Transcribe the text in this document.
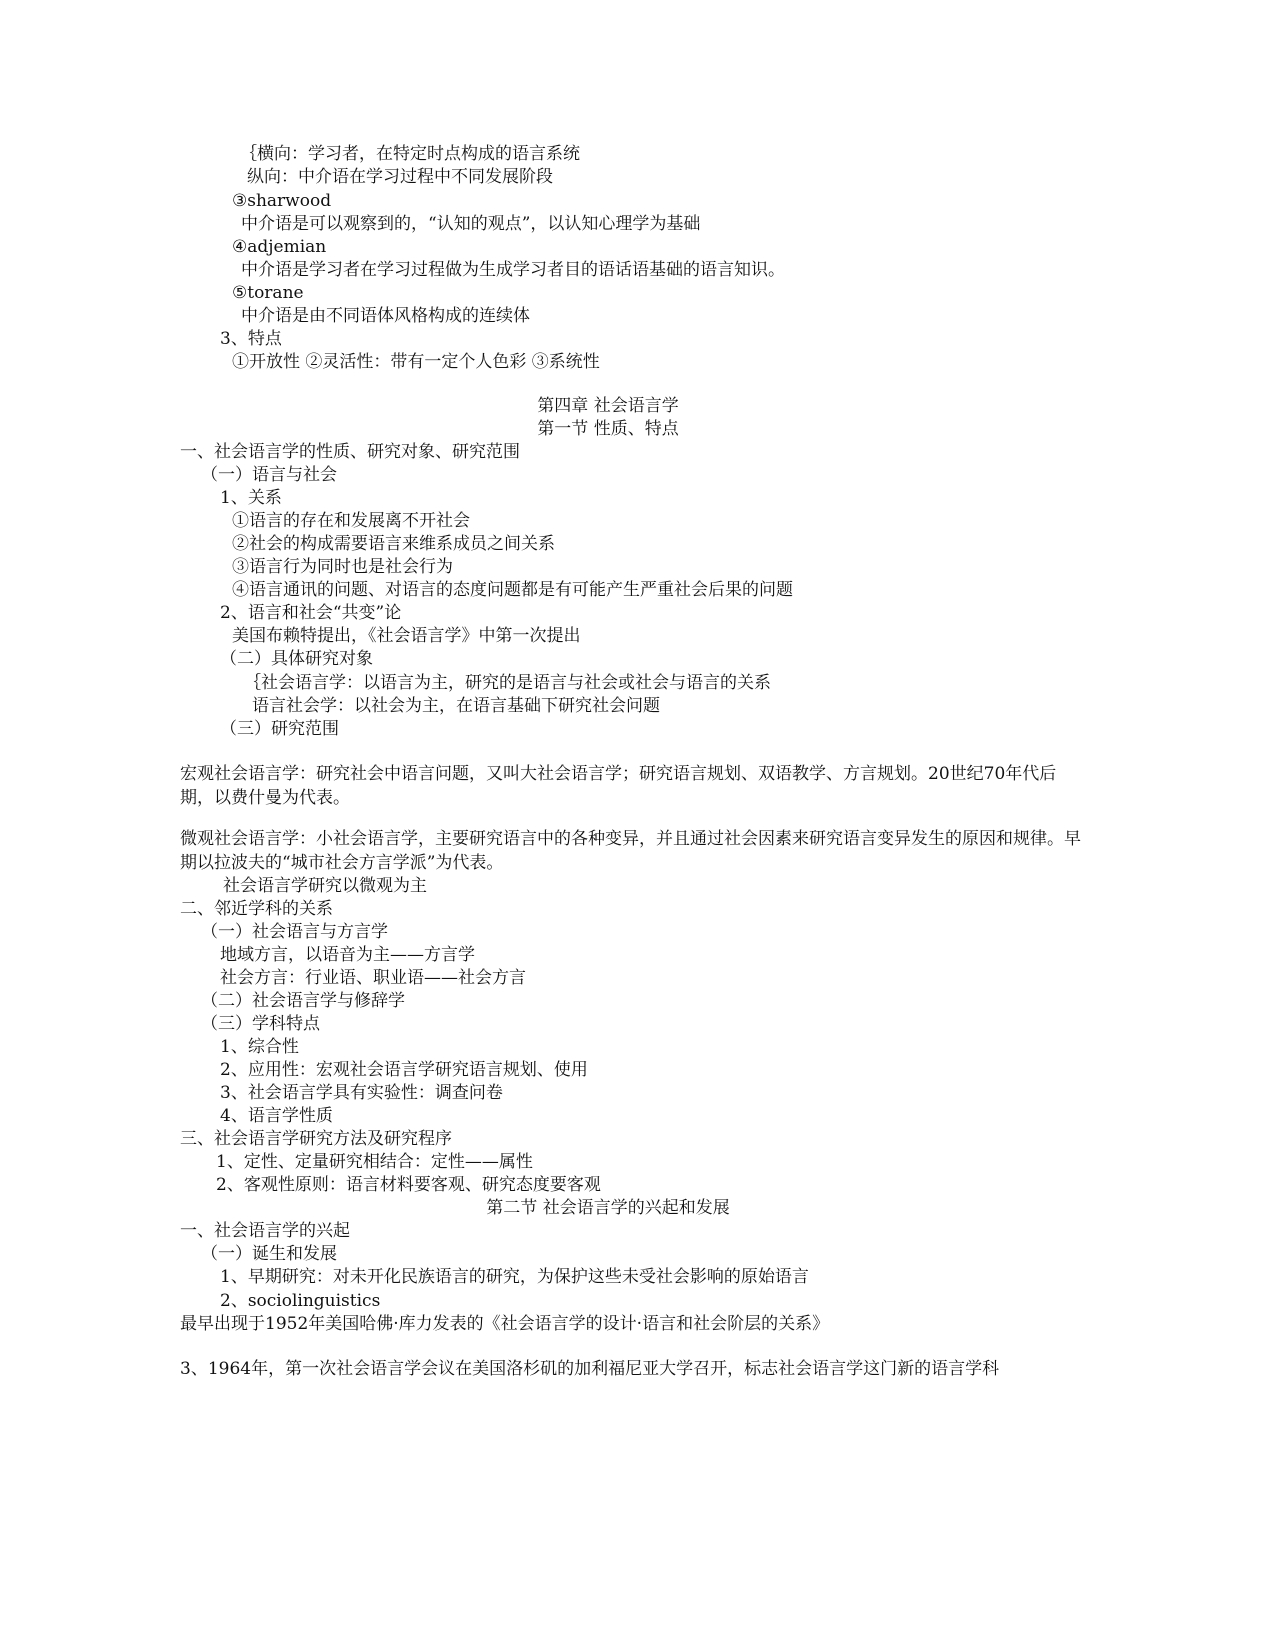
｛横向：学习者，在特定时点构成的语言系统
纵向：中介语在学习过程中不同发展阶段
③sharwood
中介语是可以观察到的，“认知的观点”，以认知心理学为基础
④adjemian
中介语是学习者在学习过程做为生成学习者目的语话语基础的语言知识。
⑤torane
中介语是由不同语体风格构成的连续体
3、特点
①开放性 ②灵活性：带有一定个人色彩 ③系统性
第四章 社会语言学
第一节 性质、特点
一、社会语言学的性质、研究对象、研究范围
（一）语言与社会
1、关系
①语言的存在和发展离不开社会
②社会的构成需要语言来维系成员之间关系
③语言行为同时也是社会行为
④语言通讯的问题、对语言的态度问题都是有可能产生严重社会后果的问题
2、语言和社会“共变”论
美国布赖特提出，《社会语言学》中第一次提出
（二）具体研究对象
｛社会语言学：以语言为主，研究的是语言与社会或社会与语言的关系
语言社会学：以社会为主，在语言基础下研究社会问题
（三）研究范围
宏观社会语言学：研究社会中语言问题，又叫大社会语言学；研究语言规划、双语教学、方言规划。20世纪70年代后期，以费什曼为代表。
微观社会语言学：小社会语言学，主要研究语言中的各种变异，并且通过社会因素来研究语言变异发生的原因和规律。早期以拉波夫的“城市社会方言学派”为代表。
社会语言学研究以微观为主
二、邻近学科的关系
（一）社会语言与方言学
地域方言，以语音为主——方言学
社会方言：行业语、职业语——社会方言
（二）社会语言学与修辞学
（三）学科特点
1、综合性
2、应用性：宏观社会语言学研究语言规划、使用
3、社会语言学具有实验性：调查问卷
4、语言学性质
三、社会语言学研究方法及研究程序
1、定性、定量研究相结合：定性——属性
2、客观性原则：语言材料要客观、研究态度要客观
第二节 社会语言学的兴起和发展
一、社会语言学的兴起
（一）诞生和发展
1、早期研究：对未开化民族语言的研究，为保护这些未受社会影响的原始语言
2、sociolinguistics
最早出现于1952年美国哈佛·库力发表的《社会语言学的设计·语言和社会阶层的关系》
3、1964年，第一次社会语言学会议在美国洛杉矶的加利福尼亚大学召开，标志社会语言学这门新的语言学科
